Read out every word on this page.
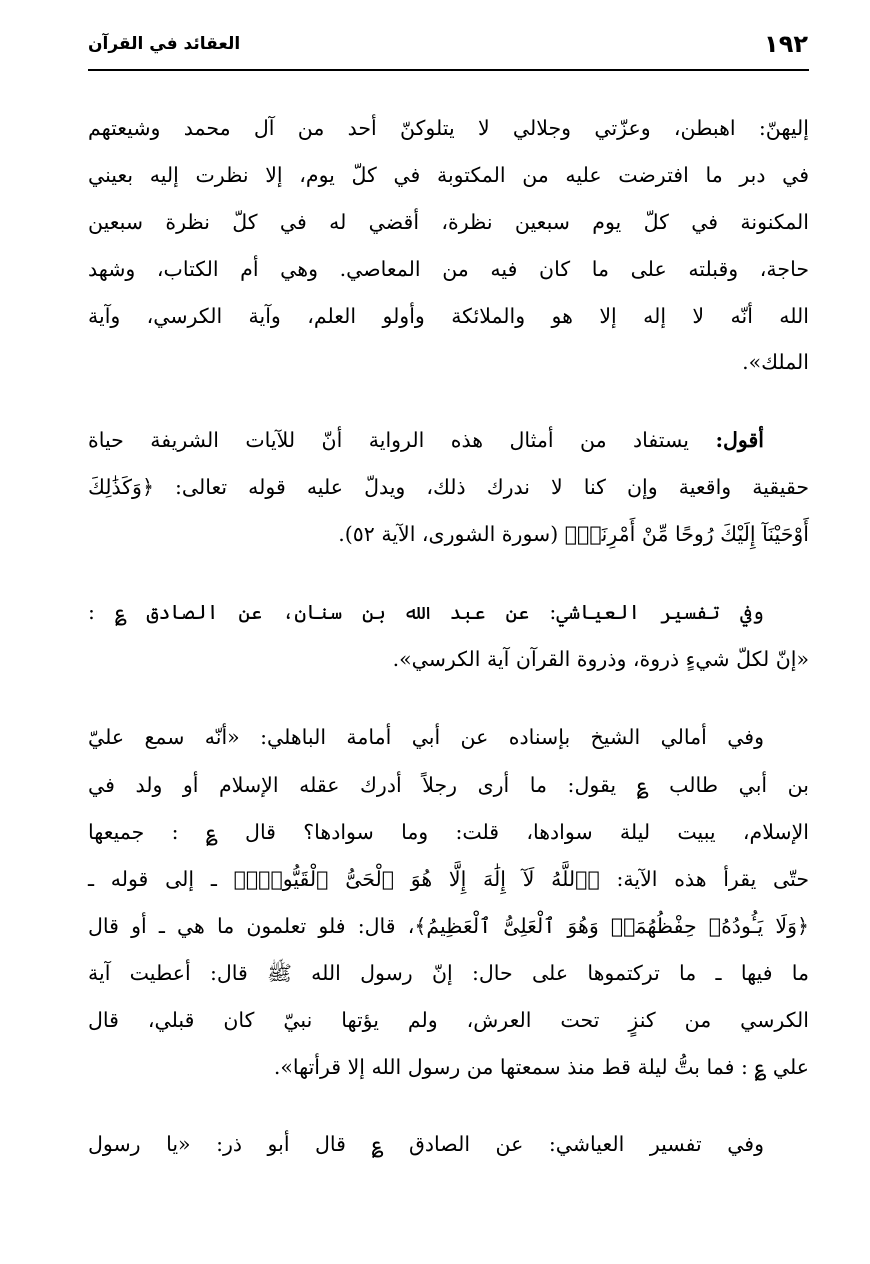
١٩٢
العقائد في القرآن
إليهنّ: اهبطن، وعزّتي وجلالي لا يتلوكنّ أحد من آل محمد وشيعتهم
في دبر ما افترضت عليه من المكتوبة في كلّ يوم، إلا نظرت إليه بعيني
المكنونة في كلّ يوم سبعين نظرة، أقضي له في كلّ نظرة سبعين
حاجة، وقبلته على ما كان فيه من المعاصي. وهي أم الكتاب، وشهد
الله أنّه لا إله إلا هو والملائكة وأولو العلم، وآية الكرسي، وآية
الملك».
أقول: يستفاد من أمثال هذه الرواية أنّ للآيات الشريفة حياة
حقيقية واقعية وإن كنا لا ندرك ذلك، ويدلّ عليه قوله تعالى: ﴿وَكَذَٰلِكَ
أَوْحَيْنَآ إِلَيْكَ رُوحًا مِّنْ أَمْرِنَاۚ﴾ (سورة الشورى، الآية ٥٢).
وفي تفسير العياشي: عن عبد الله بن سنان، عن الصادق ؏ :
«إنّ لكلّ شيءٍ ذروة، وذروة القرآن آية الكرسي».
وفي أمالي الشيخ بإسناده عن أبي أمامة الباهلي: «أنّه سمع عليّ
بن أبي طالب ؏ يقول: ما أرى رجلاً أدرك عقله الإسلام أو ولد في
الإسلام، يبيت ليلة سوادها، قلت: وما سوادها؟ قال ؏ : جميعها
حتّى يقرأ هذه الآية: ﴿ٱللَّهُ لَآ إِلَٰهَ إِلَّا هُوَ ٱلْحَىُّ ٱلْقَيُّومُۚ﴾ ـ إلى قوله ـ
﴿وَلَا يَـُٔودُهُۥ حِفْظُهُمَاۚ وَهُوَ ٱلْعَلِىُّ ٱلْعَظِيمُ﴾، قال: فلو تعلمون ما هي ـ أو قال
ما فيها ـ ما تركتموها على حال: إنّ رسول الله ﷺ قال: أعطيت آية
الكرسي من كنزٍ تحت العرش، ولم يؤتها نبيّ كان قبلي، قال
علي ؏ : فما بتُّ ليلة قط منذ سمعتها من رسول الله إلا قرأتها».
وفي تفسير العياشي: عن الصادق ؏ قال أبو ذر: «يا رسول
